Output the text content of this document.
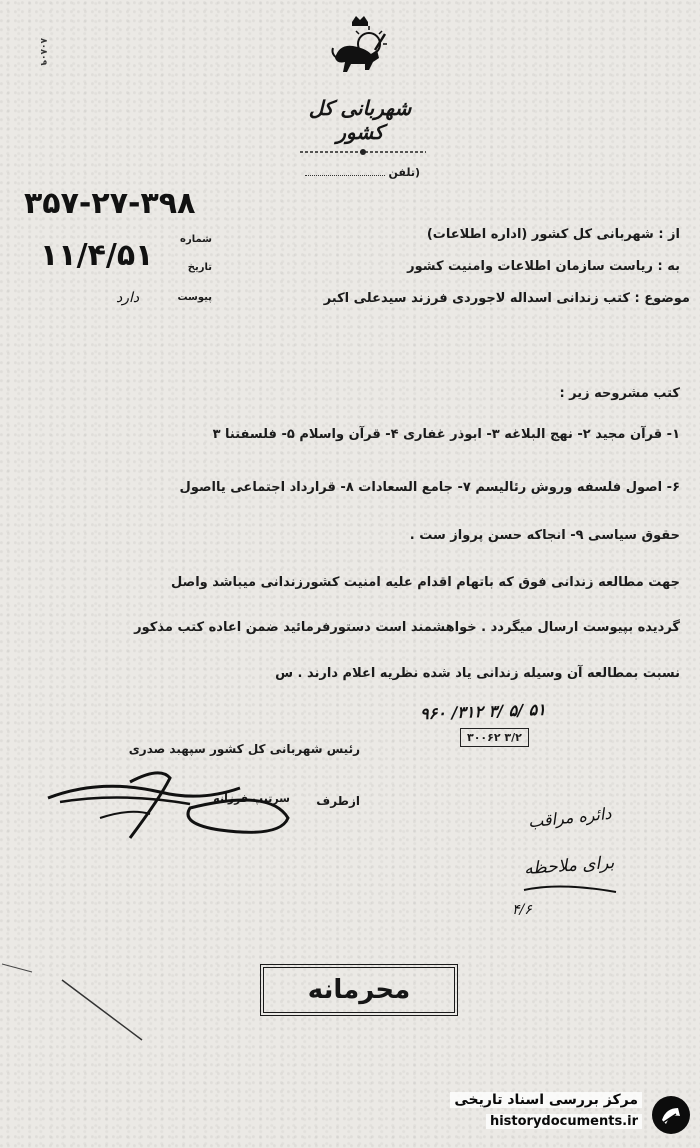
۸۰۸۰۹
شهربانی کل کشور
(تلفن
۳۵۷-۲۷-۳۹۸
شماره
تاریخ
پیوست
۱۱/۴/۵۱
دارد
از : شهربانی کل کشور (اداره اطلاعات)
به : ریاست سازمان اطلاعات وامنیت کشور
موضوع : کتب زندانی اسداله لاجوردی فرزند سیدعلی اکبر
کتب مشروحه زیر :
۱- قرآن مجید ۲- نهج البلاغه ۳- ابوذر غفاری ۴- قرآن واسلام ۵- فلسفتنا ۳
۶- اصول فلسفه وروش رئالیسم ۷- جامع السعادات ۸- قرارداد اجتماعی یااصول
حقوق سیاسی ۹- انجاکه حسن پرواز ست .
جهت مطالعه زندانی فوق که باتهام اقدام علیه امنیت کشورزندانی میباشد واصل
گردیده بپیوست ارسال میگردد . خواهشمند است دستورفرمائید ضمن اعاده کتب مذکور
نسبت بمطالعه آن وسیله زندانی یاد شده نظریه اعلام دارند . س
۹۶۰ /۳۱۲ ۳/ ۵/ ۵۱
۳۰۰۶۲ ۳/۲
رئیس شهربانی کل کشور سپهبد صدری
سرتیپ فرزانه	ازطرف
دائره مراقب
برای ملاحظه
۴/۶
محرمانه
مرکز بررسی اسناد تاریخی
historydocuments.ir
